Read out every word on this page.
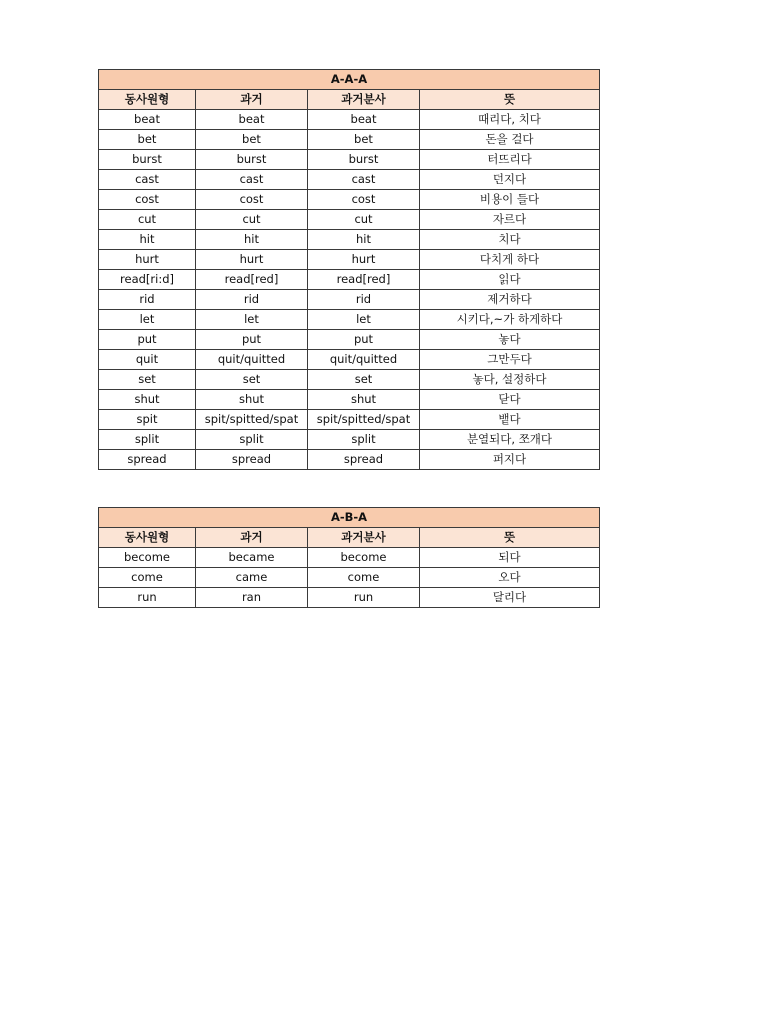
A-A-A			
동사원형	과거	과거분사	뜻
beat	beat	beat	때리다, 치다
bet	bet	bet	돈을 걸다
burst	burst	burst	터뜨리다
cast	cast	cast	던지다
cost	cost	cost	비용이 들다
cut	cut	cut	자르다
hit	hit	hit	치다
hurt	hurt	hurt	다치게 하다
read[ri:d]	read[red]	read[red]	읽다
rid	rid	rid	제거하다
let	let	let	시키다,~가 하게하다
put	put	put	놓다
quit	quit/quitted	quit/quitted	그만두다
set	set	set	놓다, 설정하다
shut	shut	shut	닫다
spit	spit/spitted/spat	spit/spitted/spat	뱉다
split	split	split	분열되다, 쪼개다
spread	spread	spread	퍼지다
A-B-A			
동사원형	과거	과거분사	뜻
become	became	become	되다
come	came	come	오다
run	ran	run	달리다
